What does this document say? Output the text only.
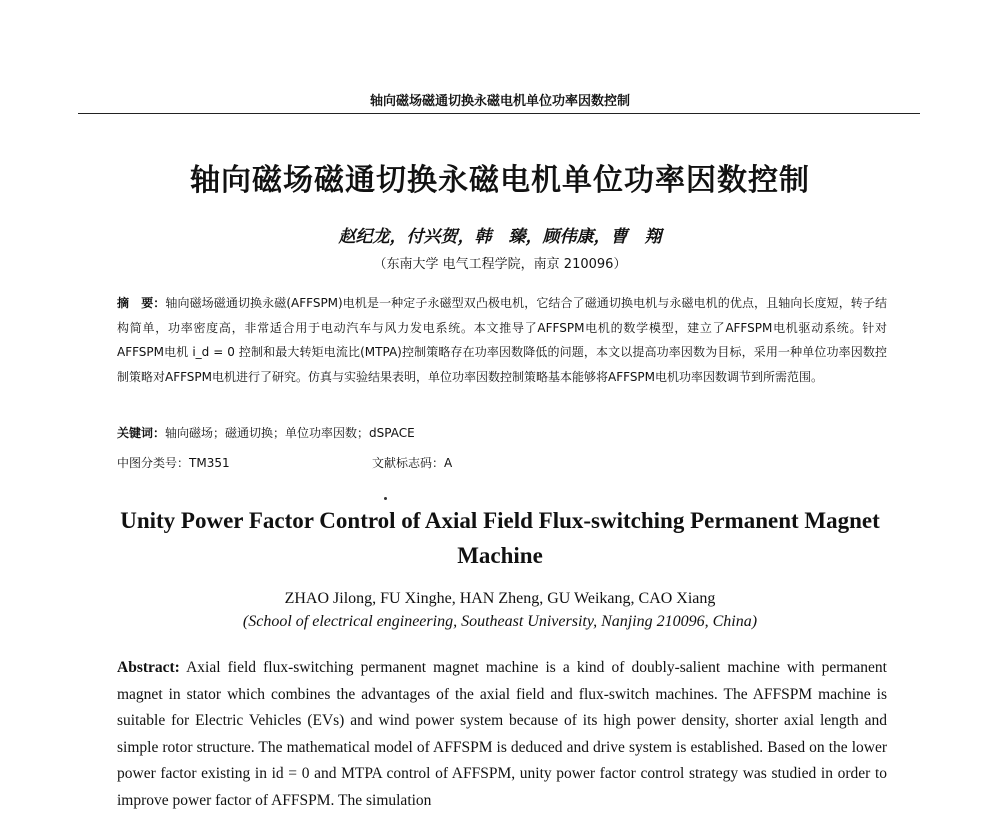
轴向磁场磁通切换永磁电机单位功率因数控制
轴向磁场磁通切换永磁电机单位功率因数控制
赵纪龙，付兴贺，韩　臻，顾伟康，曹　翔
（东南大学 电气工程学院，南京 210096）
摘　要：轴向磁场磁通切换永磁(AFFSPM)电机是一种定子永磁型双凸极电机，它结合了磁通切换电机与永磁电机的优点，且轴向长度短，转子结构简单，功率密度高，非常适合用于电动汽车与风力发电系统。本文推导了AFFSPM电机的数学模型，建立了AFFSPM电机驱动系统。针对AFFSPM电机 i_d = 0 控制和最大转矩电流比(MTPA)控制策略存在功率因数降低的问题，本文以提高功率因数为目标，采用一种单位功率因数控制策略对AFFSPM电机进行了研究。仿真与实验结果表明，单位功率因数控制策略基本能够将AFFSPM电机功率因数调节到所需范围。
关键词：轴向磁场；磁通切换；单位功率因数；dSPACE
中图分类号：TM351	文献标志码：A
Unity Power Factor Control of Axial Field Flux-switching Permanent Magnet Machine
ZHAO Jilong, FU Xinghe, HAN Zheng, GU Weikang, CAO Xiang
(School of electrical engineering, Southeast University, Nanjing 210096, China)
Abstract: Axial field flux-switching permanent magnet machine is a kind of doubly-salient machine with permanent magnet in stator which combines the advantages of the axial field and flux-switch machines. The AFFSPM machine is suitable for Electric Vehicles (EVs) and wind power system because of its high power density, shorter axial length and simple rotor structure. The mathematical model of AFFSPM is deduced and drive system is established. Based on the lower power factor existing in id = 0 and MTPA control of AFFSPM, unity power factor control strategy was studied in order to improve power factor of AFFSPM. The simulation
